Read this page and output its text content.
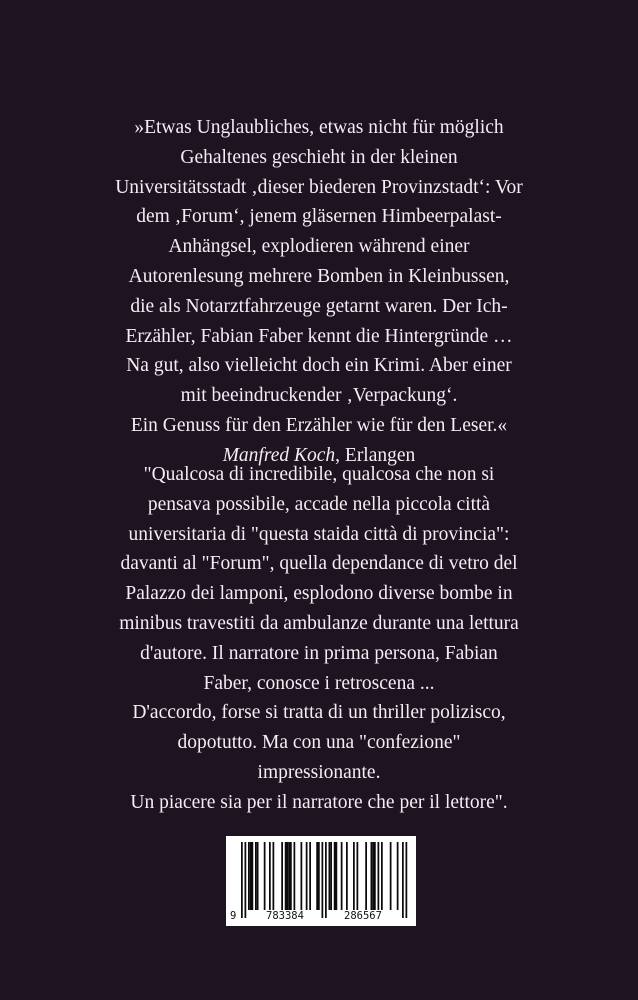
»Etwas Unglaubliches, etwas nicht für möglich
Gehaltenes geschieht in der kleinen
Universitätsstadt ‚dieser biederen Provinzstadt‘: Vor
dem ‚Forum‘, jenem gläsernen Himbeerpalast-
Anhängsel, explodieren während einer
Autorenlesung mehrere Bomben in Kleinbussen,
die als Notarztfahrzeuge getarnt waren. Der Ich-
Erzähler, Fabian Faber kennt die Hintergründe …
Na gut, also vielleicht doch ein Krimi. Aber einer
mit beeindruckender ‚Verpackung‘.
Ein Genuss für den Erzähler wie für den Leser.«
Manfred Koch, Erlangen

"Qualcosa di incredibile, qualcosa che non si
pensava possibile, accade nella piccola città
universitaria di "questa staida città di provincia":
davanti al "Forum", quella dependance di vetro del
Palazzo dei lamponi, esplodono diverse bombe in
minibus travestiti da ambulanze durante una lettura
d'autore. Il narratore in prima persona, Fabian
Faber, conosce i retroscena ...
D'accordo, forse si tratta di un thriller polizisco,
dopotutto. Ma con una "confezione"
impressionante.
Un piacere sia per il narratore che per il lettore".

9	783384	286567
